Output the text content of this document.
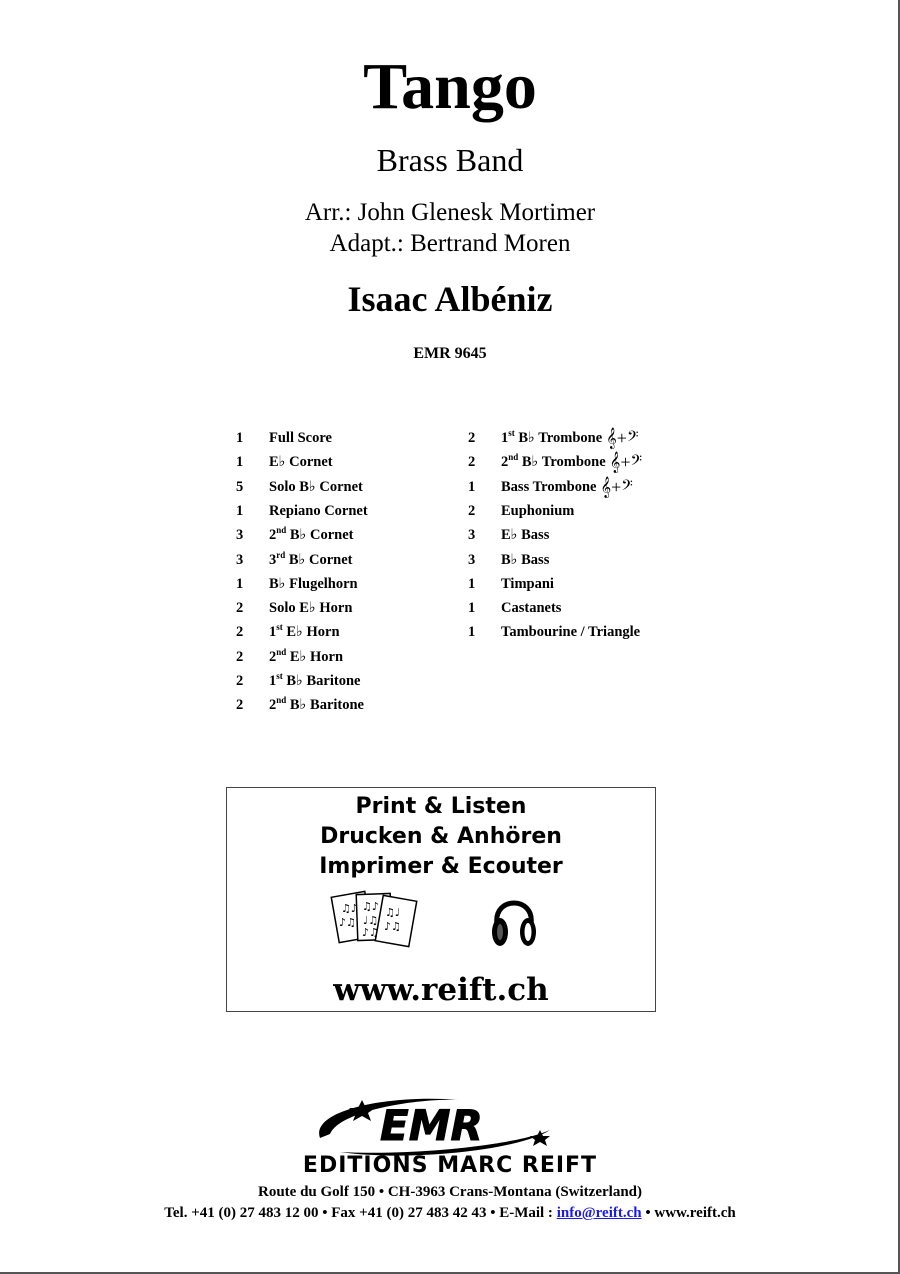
Tango
Brass Band
Arr.: John Glenesk Mortimer
Adapt.: Bertrand Moren
Isaac Albéniz
EMR 9645
1	Full Score
1	E♭ Cornet
5	Solo B♭ Cornet
1	Repiano Cornet
3	2nd B♭ Cornet
3	3rd B♭ Cornet
1	B♭ Flugelhorn
2	Solo E♭ Horn
2	1st E♭ Horn
2	2nd E♭ Horn
2	1st B♭ Baritone
2	2nd B♭ Baritone
2	1st B♭ Trombone 𝄞+𝄢
2	2nd B♭ Trombone 𝄞+𝄢
1	Bass Trombone 𝄞+𝄢
2	Euphonium
3	E♭ Bass
3	B♭ Bass
1	Timpani
1	Castanets
1	Tambourine / Triangle
Print & Listen
Drucken & Anhören
Imprimer & Ecouter
♫♪
♪♫
♫♪
♩♫
♪♫
♫♩
♪♫
www.reift.ch
EMR
EDITIONS MARC REIFT
Route du Golf 150 • CH-3963 Crans-Montana (Switzerland)
Tel. +41 (0) 27 483 12 00 • Fax +41 (0) 27 483 42 43 • E-Mail : info@reift.ch • www.reift.ch
